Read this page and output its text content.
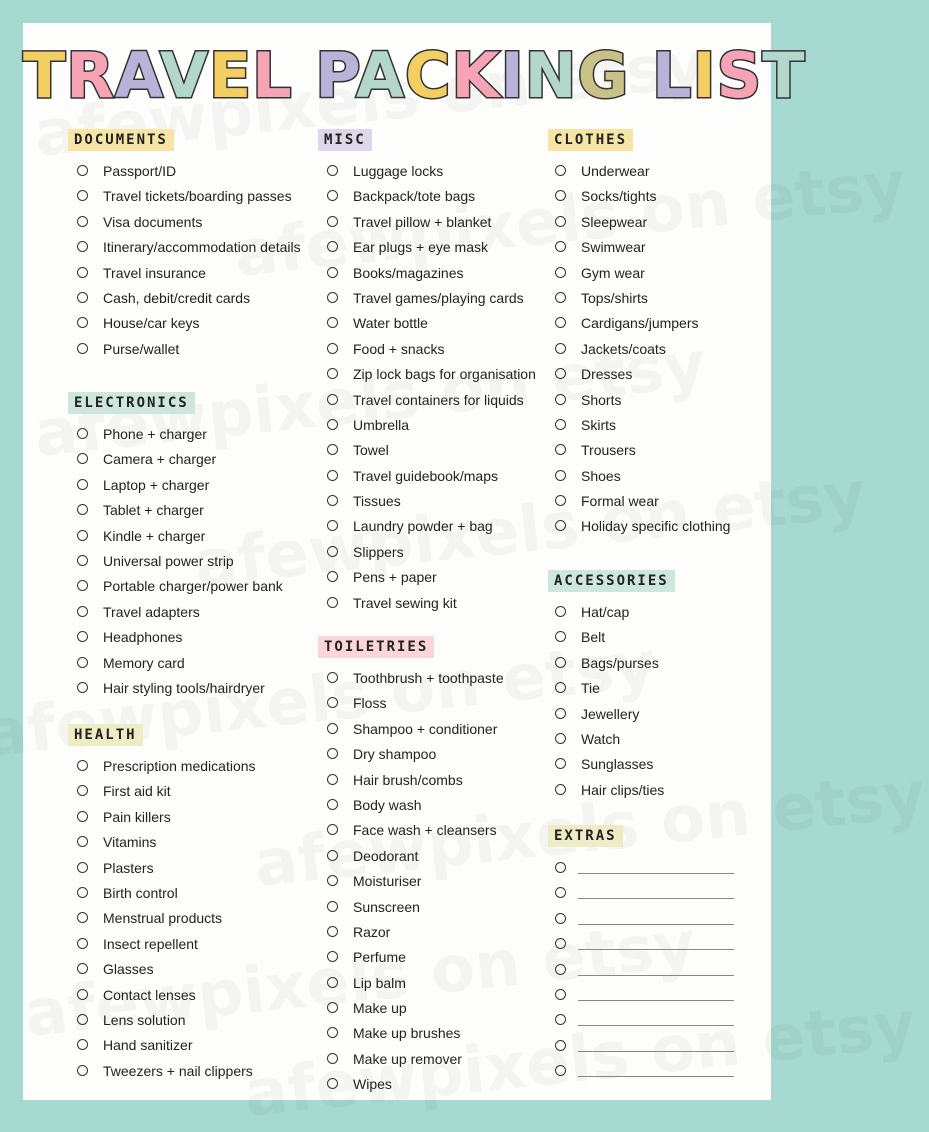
TRAVEL PACKING LIST
DOCUMENTS
Passport/ID
Travel tickets/boarding passes
Visa documents
Itinerary/accommodation details
Travel insurance
Cash, debit/credit cards
House/car keys
Purse/wallet
ELECTRONICS
Phone + charger
Camera + charger
Laptop + charger
Tablet + charger
Kindle + charger
Universal power strip
Portable charger/power bank
Travel adapters
Headphones
Memory card
Hair styling tools/hairdryer
HEALTH
Prescription medications
First aid kit
Pain killers
Vitamins
Plasters
Birth control
Menstrual products
Insect repellent
Glasses
Contact lenses
Lens solution
Hand sanitizer
Tweezers + nail clippers
MISC
Luggage locks
Backpack/tote bags
Travel pillow + blanket
Ear plugs + eye mask
Books/magazines
Travel games/playing cards
Water bottle
Food + snacks
Zip lock bags for organisation
Travel containers for liquids
Umbrella
Towel
Travel guidebook/maps
Tissues
Laundry powder + bag
Slippers
Pens + paper
Travel sewing kit
TOILETRIES
Toothbrush + toothpaste
Floss
Shampoo + conditioner
Dry shampoo
Hair brush/combs
Body wash
Face wash + cleansers
Deodorant
Moisturiser
Sunscreen
Razor
Perfume
Lip balm
Make up
Make up brushes
Make up remover
Wipes
CLOTHES
Underwear
Socks/tights
Sleepwear
Swimwear
Gym wear
Tops/shirts
Cardigans/jumpers
Jackets/coats
Dresses
Shorts
Skirts
Trousers
Shoes
Formal wear
Holiday specific clothing
ACCESSORIES
Hat/cap
Belt
Bags/purses
Tie
Jewellery
Watch
Sunglasses
Hair clips/ties
EXTRAS
